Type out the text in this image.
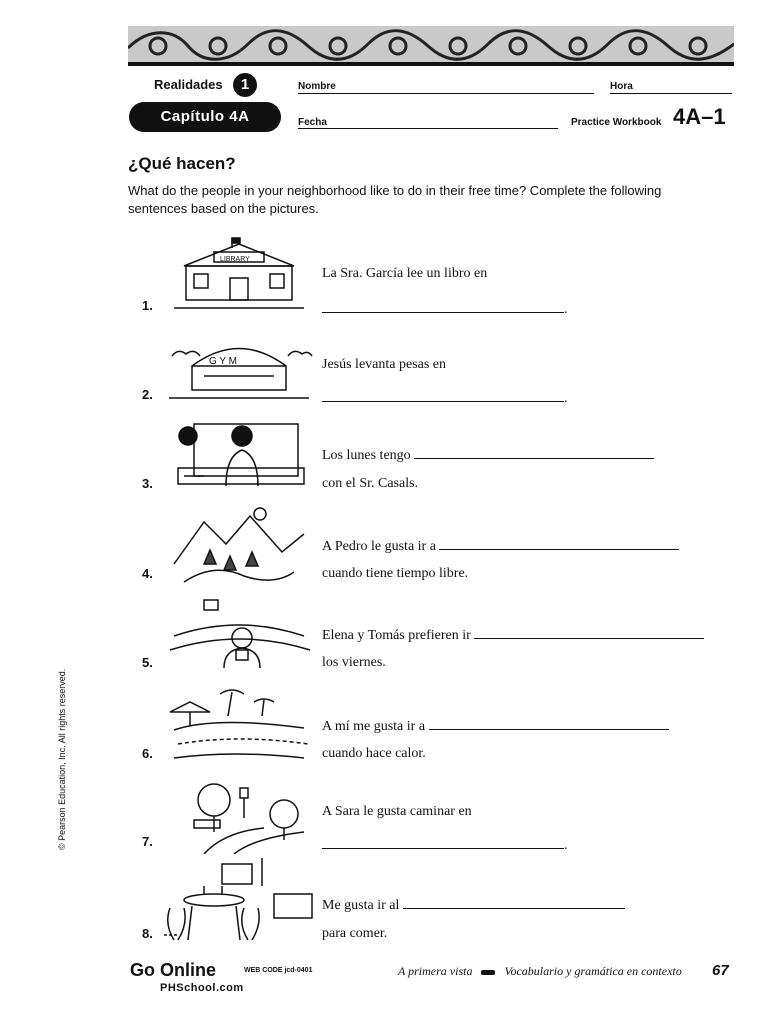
Realidades	1
Capítulo 4A
Nombre	Hora
Fecha	Practice Workbook 4A–1
¿Qué hacen?
What do the people in your neighborhood like to do in their free time? Complete the following sentences based on the pictures.
LIBRARY
1.
La Sra. García lee un libro en
.
G Y M
2.
Jesús levanta pesas en
.
3.
Los lunes tengo
con el Sr. Casals.
4.
A Pedro le gusta ir a
cuando tiene tiempo libre.
5.
Elena y Tomás prefieren ir
los viernes.
6.
A mí me gusta ir a
cuando hace calor.
7.
A Sara le gusta caminar en
.
8.
Me gusta ir al
para comer.
© Pearson Education, Inc. All rights reserved.
Go Online	WEB CODE jcd-0401
PHSchool.com
A primera vista	Vocabulario y gramática en contexto 67
